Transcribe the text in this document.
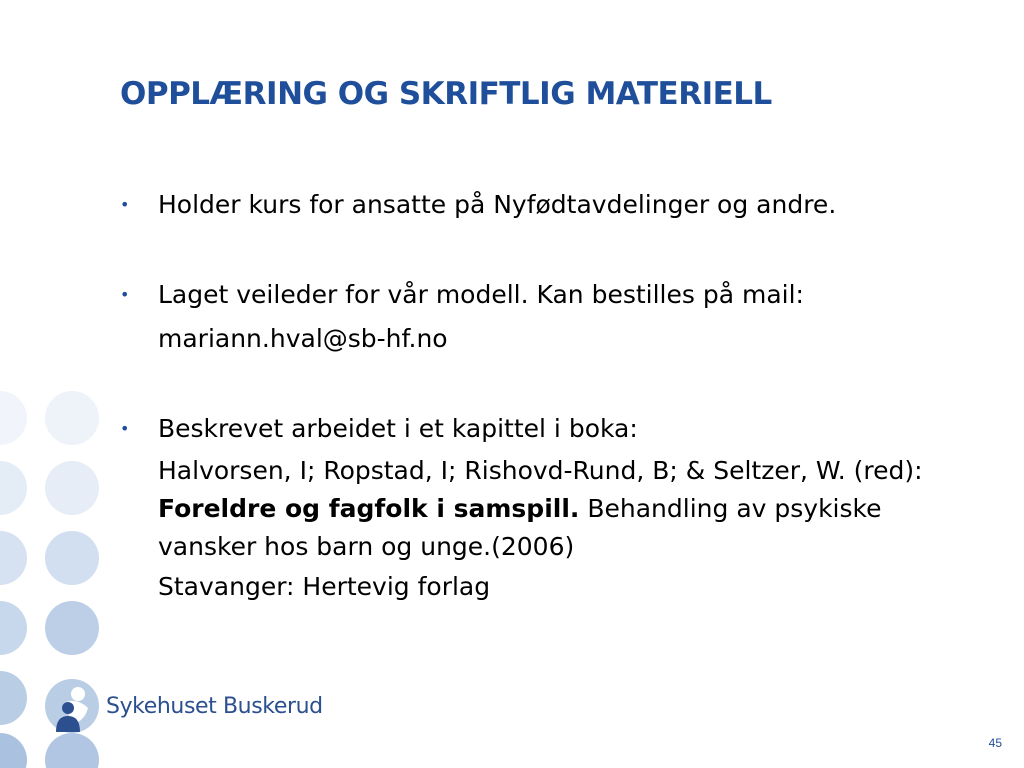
OPPLÆRING OG SKRIFTLIG MATERIELL
• Holder kurs for ansatte på Nyfødtavdelinger og andre.

• Laget veileder for vår modell. Kan bestilles på mail:

mariann.hval@sb-hf.no

• Beskrevet arbeidet i et kapittel i boka:

Halvorsen, I; Ropstad, I; Rishovd-Rund, B; & Seltzer, W. (red): Foreldre og fagfolk i samspill. Behandling av psykiske vansker hos barn og unge.(2006)

Stavanger: Hertevig forlag

Sykehuset Buskerud
45
